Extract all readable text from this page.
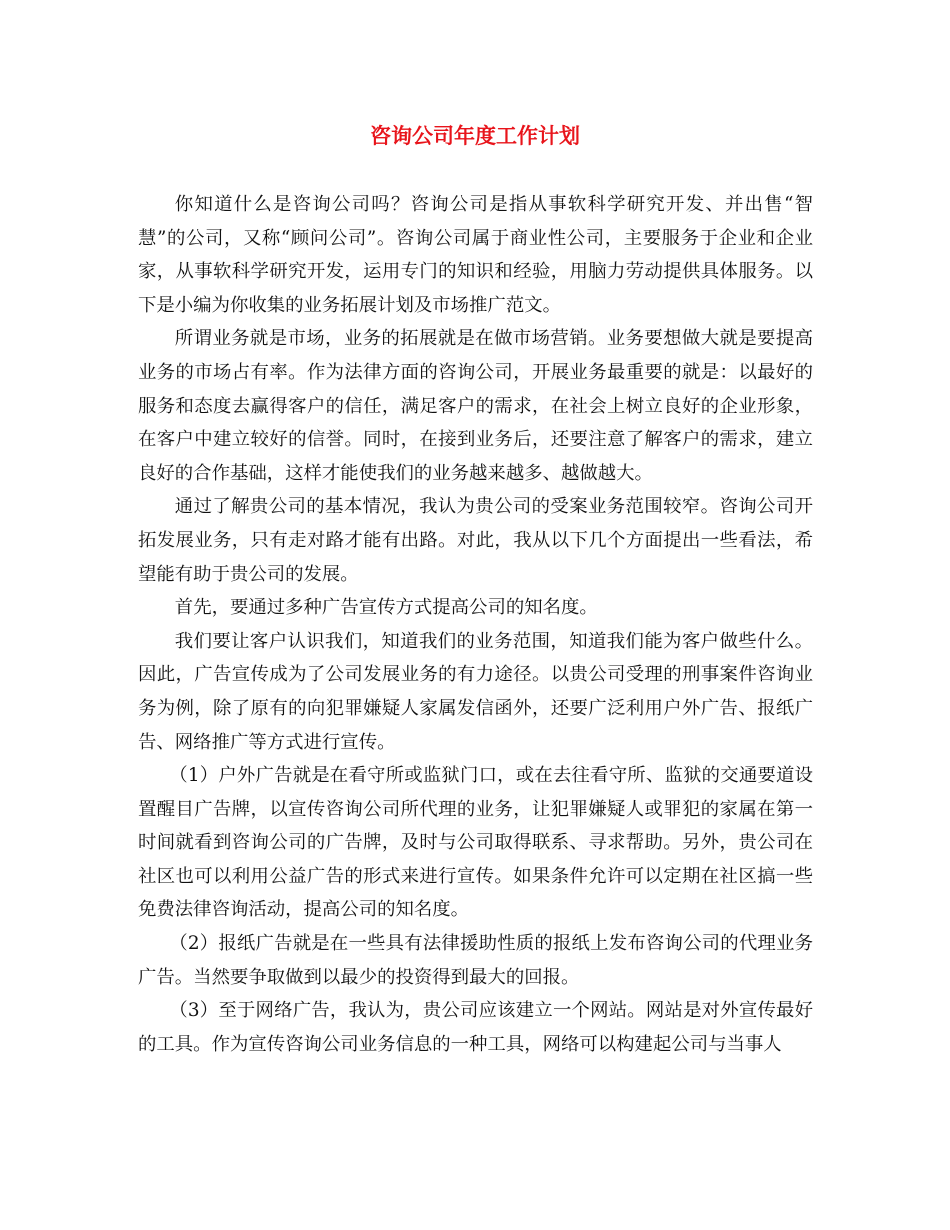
咨询公司年度工作计划

你知道什么是咨询公司吗？咨询公司是指从事软科学研究开发、并出售“智慧”的公司，又称“顾问公司”。咨询公司属于商业性公司，主要服务于企业和企业家，从事软科学研究开发，运用专门的知识和经验，用脑力劳动提供具体服务。以下是小编为你收集的业务拓展计划及市场推广范文。

所谓业务就是市场，业务的拓展就是在做市场营销。业务要想做大就是要提高业务的市场占有率。作为法律方面的咨询公司，开展业务最重要的就是：以最好的服务和态度去赢得客户的信任，满足客户的需求，在社会上树立良好的企业形象，在客户中建立较好的信誉。同时，在接到业务后，还要注意了解客户的需求，建立良好的合作基础，这样才能使我们的业务越来越多、越做越大。

通过了解贵公司的基本情况，我认为贵公司的受案业务范围较窄。咨询公司开拓发展业务，只有走对路才能有出路。对此，我从以下几个方面提出一些看法，希望能有助于贵公司的发展。

首先，要通过多种广告宣传方式提高公司的知名度。

我们要让客户认识我们，知道我们的业务范围，知道我们能为客户做些什么。因此，广告宣传成为了公司发展业务的有力途径。以贵公司受理的刑事案件咨询业务为例，除了原有的向犯罪嫌疑人家属发信函外，还要广泛利用户外广告、报纸广告、网络推广等方式进行宣传。

（1）户外广告就是在看守所或监狱门口，或在去往看守所、监狱的交通要道设置醒目广告牌，以宣传咨询公司所代理的业务，让犯罪嫌疑人或罪犯的家属在第一时间就看到咨询公司的广告牌，及时与公司取得联系、寻求帮助。另外，贵公司在社区也可以利用公益广告的形式来进行宣传。如果条件允许可以定期在社区搞一些免费法律咨询活动，提高公司的知名度。

（2）报纸广告就是在一些具有法律援助性质的报纸上发布咨询公司的代理业务广告。当然要争取做到以最少的投资得到最大的回报。

（3）至于网络广告，我认为，贵公司应该建立一个网站。网站是对外宣传最好的工具。作为宣传咨询公司业务信息的一种工具，网络可以构建起公司与当事人
